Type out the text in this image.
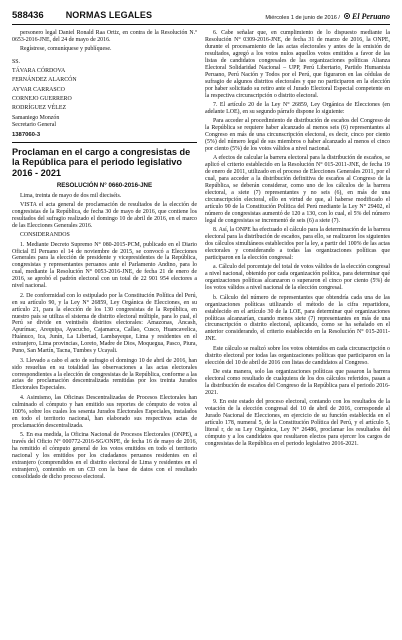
588436 NORMAS LEGALES	Miércoles 1 de junio de 2016 / El Peruano

personero legal Daniel Ronald Raa Ortiz, en contra de la Resolución N.º 0653-2016-JNE, del 24 de mayo de 2016.

Regístrese, comuníquese y publíquese.

SS.

TÁVARA CÓRDOVA

FERNÁNDEZ ALARCÓN

AYVAR CARRASCO

CORNEJO GUERRERO

RODRÍGUEZ VÉLEZ

Samaniego Monzón

Secretario General

1387060-3

Proclaman en el cargo a congresistas de la República para el periodo legislativo 2016 - 2021

RESOLUCIÓN N° 0660-2016-JNE

Lima, treinta de mayo de dos mil dieciséis.

VISTA el acta general de proclamación de resultados de la elección de congresistas de la República, de fecha 30 de mayo de 2016, que contiene los resultados del sufragio realizado el domingo 10 de abril de 2016, en el marco de las Elecciones Generales 2016.

CONSIDERANDOS

1. Mediante Decreto Supremo N° 080-2015-PCM, publicado en el Diario Oficial El Peruano el 14 de noviembre de 2015, se convocó a Elecciones Generales para la elección de presidente y vicepresidentes de la República, congresistas y representantes peruanos ante el Parlamento Andino, para lo cual, mediante la Resolución N° 0053-2016-JNE, de fecha 21 de enero de 2016, se aprobó el padrón electoral con un total de 22 901 954 electores a nivel nacional.

2. De conformidad con lo estipulado por la Constitución Política del Perú, en su artículo 90, y la Ley N° 26859, Ley Orgánica de Elecciones, en su artículo 21, para la elección de los 130 congresistas de la República, en nuestro país se utiliza el sistema de distrito electoral múltiple, para lo cual, el Perú se divide en veintiséis distritos electorales: Amazonas, Áncash, Apurímac, Arequipa, Ayacucho, Cajamarca, Callao, Cusco, Huancavelica, Huánuco, Ica, Junín, La Libertad, Lambayeque, Lima y residentes en el extranjero, Lima provincias, Loreto, Madre de Dios, Moquegua, Pasco, Piura, Puno, San Martín, Tacna, Tumbes y Ucayali.

3. Llevado a cabo el acto de sufragio el domingo 10 de abril de 2016, han sido resueltas en su totalidad las observaciones a las actas electorales correspondientes a la elección de congresistas de la República, conforme a las actas de proclamación descentralizada remitidas por los treinta Jurados Electorales Especiales.

4. Asimismo, las Oficinas Descentralizadas de Procesos Electorales han culminado el cómputo y han emitido sus reportes de cómputo de votos al 100%, sobre los cuales los sesenta Jurados Electorales Especiales, instalados en todo el territorio nacional, han elaborado sus respectivas actas de proclamación descentralizada.

5. En esa medida, la Oficina Nacional de Procesos Electorales (ONPE), a través del Oficio N° 000772-2016-SG/ONPE, de fecha 16 de mayo de 2016, ha remitido el cómputo general de los votos emitidos en todo el territorio nacional y los emitidos por los ciudadanos peruanos residentes en el extranjero (comprendidos en el distrito electoral de Lima y residentes en el extranjero), contenido en un CD con la base de datos con el resultado consolidado de dicho proceso electoral.

6. Cabe señalar que, en cumplimiento de lo dispuesto mediante la Resolución N° 0309-2016-JNE, de fecha 31 de marzo de 2016, la ONPE, durante el procesamiento de las actas electorales y antes de la emisión de resultados, agregó a los votos nulos aquellos votos emitidos a favor de las listas de candidatos congresales de las organizaciones políticas Alianza Electoral Solidaridad Nacional – UPP, Perú Libertario, Partido Humanista Peruano, Perú Nación y Todos por el Perú, que figuraron en las cédulas de sufragio de algunos distritos electorales y que no participaron en la elección por haber solicitado su retiro ante el Jurado Electoral Especial competente en la respectiva circunscripción o distrito electoral.

7. El artículo 20 de la Ley N° 26859, Ley Orgánica de Elecciones (en adelante LOE), en su segundo párrafo dispone lo siguiente:

Para acceder al procedimiento de distribución de escaños del Congreso de la República se requiere haber alcanzado al menos seis (6) representantes al Congreso en más de una circunscripción electoral, es decir, cinco por ciento (5%) del número legal de sus miembros o haber alcanzado al menos el cinco por ciento (5%) de los votos válidos a nivel nacional.

A efectos de calcular la barrera electoral para la distribución de escaños, se aplicó el criterio establecido en la Resolución N° 015-2011-JNE, de fecha 19 de enero de 2011, utilizado en el proceso de Elecciones Generales 2011, por el cual, para acceder a la distribución definitiva de escaños al Congreso de la República, se deberán considerar, como uno de los cálculos de la barrera electoral, a siete (7) representantes y no seis (6), en más de una circunscripción electoral, ello en virtud de que, al haberse modificado el artículo 90 de la Constitución Política del Perú mediante la Ley N° 29402, el número de congresistas aumentó de 120 a 130, con lo cual, el 5% del número legal de congresistas se incrementó de seis (6) a siete (7).

8. Así, la ONPE ha efectuado el cálculo para la determinación de la barrera electoral para la distribución de escaños, para ello, se realizaron los siguientes dos cálculos simultáneos establecidos por la ley, a partir del 100% de las actas electorales y considerando a todas las organizaciones políticas que participaron en la elección congresal:

a. Cálculo del porcentaje del total de votos válidos de la elección congresal a nivel nacional, obtenido por cada organización política, para determinar qué organizaciones políticas alcanzaron o superaron el cinco por ciento (5%) de los votos válidos a nivel nacional de la elección congresal.

b. Cálculo del número de representantes que obtendría cada una de las organizaciones políticas utilizando el método de la cifra repartidora, establecido en el artículo 30 de la LOE, para determinar qué organizaciones políticas alcanzarían, cuando menos siete (7) representantes en más de una circunscripción o distrito electoral, aplicando, como se ha señalado en el anterior considerando, el criterio establecido en la Resolución N° 015-2011-JNE.

Este cálculo se realizó sobre los votos obtenidos en cada circunscripción o distrito electoral por todas las organizaciones políticas que participaron en la elección del 10 de abril de 2016 con listas de candidatos al Congreso.

De esta manera, solo las organizaciones políticas que pasaron la barrera electoral como resultado de cualquiera de los dos cálculos referidos, pasan a la distribución de escaños del Congreso de la República para el periodo 2016-2021.

9. En este estado del proceso electoral, contando con los resultados de la votación de la elección congresal del 10 de abril de 2016, corresponde al Jurado Nacional de Elecciones, en ejercicio de su función establecida en el artículo 178, numeral 5, de la Constitución Política del Perú, y el artículo 5, literal r, de su Ley Orgánica, Ley N° 26486, proclamar los resultados del cómputo y a los candidatos que resultaron electos para ejercer los cargos de congresistas de la República en el periodo legislativo 2016-2021.
